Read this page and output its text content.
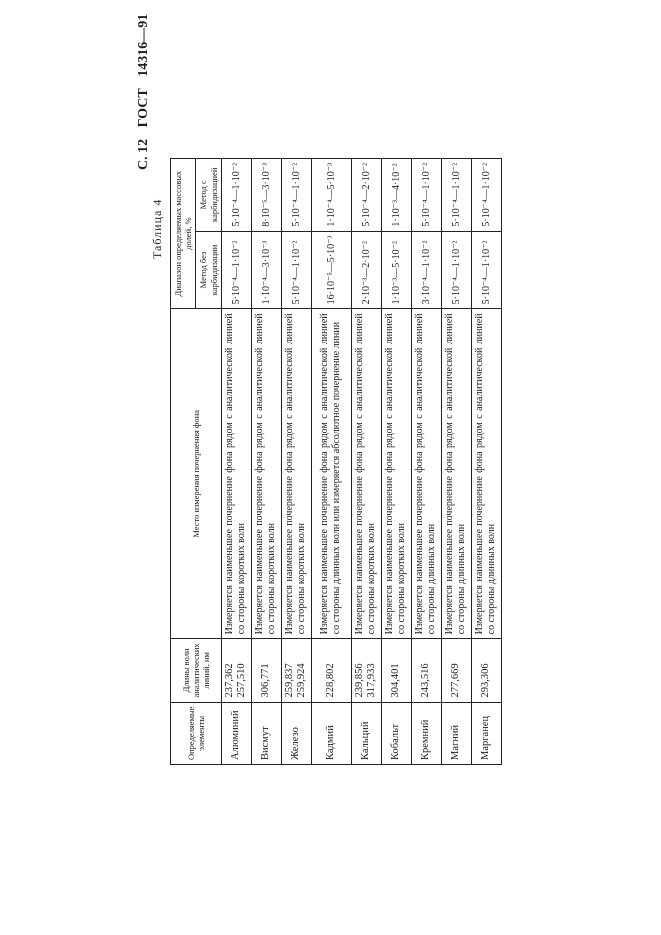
С. 12 ГОСТ 14316—91
Таблица 4
Определяемые элементы	Длины волн аналитических линий, нм	Место измерения почернения фона	Диапазон определяемых массовых долей, %	
			Метод без карбидизации	Метод с карбидизацией
Алюминий	237,362 257,510	Измеряется наименьшее почернение фона рядом с аналитической линией со стороны коротких волн	5·10⁻⁴—1·10⁻²	5·10⁻⁴—1·10⁻²
Висмут	306,771	Измеряется наименьшее почернение фона рядом с аналитической линией со стороны коротких волн	1·10⁻⁴—3·10⁻³	8·10⁻⁵—3·10⁻³
Железо	259,837 259,924	Измеряется наименьшее почернение фона рядом с аналитической линией со стороны коротких волн	5·10⁻⁴—1·10⁻²	5·10⁻⁴—1·10⁻²
Кадмий	228,802	Измеряется наименьшее почернение фона рядом с аналитической линией со стороны длинных волн или измеряется абсолютное почернение линии	16·10⁻⁵—5·10⁻³	1·10⁻⁴—5·10⁻³
Кальций	239,856 317,933	Измеряется наименьшее почернение фона рядом с аналитической линией со стороны коротких волн	2·10⁻³—2·10⁻²	5·10⁻⁴—2·10⁻²
Кобальт	304,401	Измеряется наименьшее почернение фона рядом с аналитической линией со стороны коротких волн	1·10⁻³—5·10⁻²	1·10⁻³—4·10⁻²
Кремний	243,516	Измеряется наименьшее почернение фона рядом с аналитической линией со стороны длинных волн	3·10⁻⁴—1·10⁻²	5·10⁻⁴—1·10⁻²
Магний	277,669	Измеряется наименьшее почернение фона рядом с аналитической линией со стороны длинных волн	5·10⁻⁴—1·10⁻²	5·10⁻⁴—1·10⁻²
Марганец	293,306	Измеряется наименьшее почернение фона рядом с аналитической линией со стороны длинных волн	5·10⁻⁴—1·10⁻²	5·10⁻⁴—1·10⁻²
